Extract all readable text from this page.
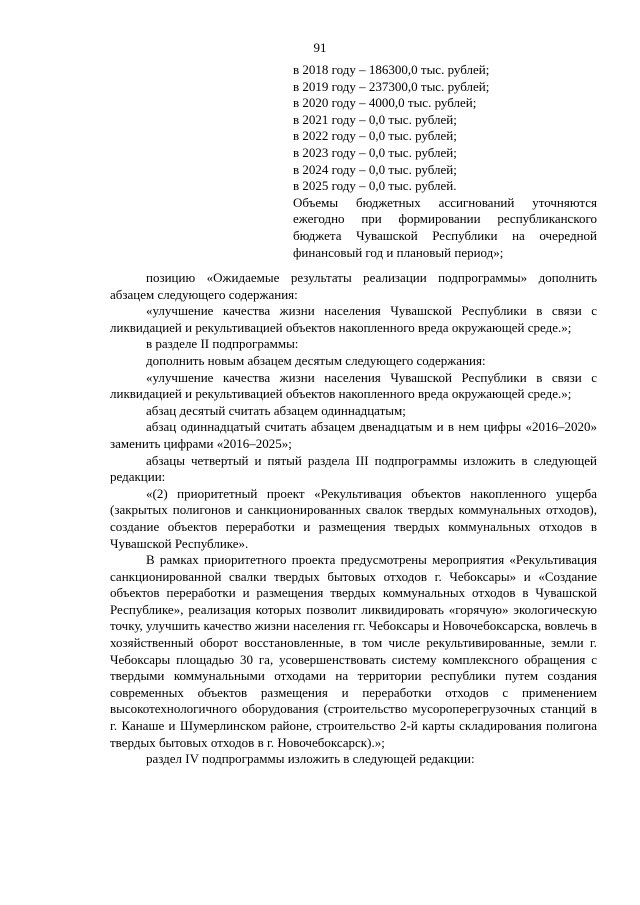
91

в 2018 году – 186300,0 тыс. рублей;

в 2019 году – 237300,0 тыс. рублей;

в 2020 году – 4000,0 тыс. рублей;

в 2021 году – 0,0 тыс. рублей;

в 2022 году – 0,0 тыс. рублей;

в 2023 году – 0,0 тыс. рублей;

в 2024 году – 0,0 тыс. рублей;

в 2025 году – 0,0 тыс. рублей.

Объемы бюджетных ассигнований уточняются ежегодно при формировании республиканского бюджета Чувашской Республики на очередной финансовый год и плановый период»;

позицию «Ожидаемые результаты реализации подпрограммы» дополнить абзацем следующего содержания:

«улучшение качества жизни населения Чувашской Республики в связи с ликвидацией и рекультивацией объектов накопленного вреда окружающей среде.»;

в разделе II подпрограммы:

дополнить новым абзацем десятым следующего содержания:

«улучшение качества жизни населения Чувашской Республики в связи с ликвидацией и рекультивацией объектов накопленного вреда окружающей среде.»;

абзац десятый считать абзацем одиннадцатым;

абзац одиннадцатый считать абзацем двенадцатым и в нем цифры «2016–2020» заменить цифрами «2016–2025»;

абзацы четвертый и пятый раздела III подпрограммы изложить в следующей редакции:

«(2) приоритетный проект «Рекультивация объектов накопленного ущерба (закрытых полигонов и санкционированных свалок твердых коммунальных отходов), создание объектов переработки и размещения твердых коммунальных отходов в Чувашской Республике».

В рамках приоритетного проекта предусмотрены мероприятия «Рекультивация санкционированной свалки твердых бытовых отходов г. Чебоксары» и «Создание объектов переработки и размещения твердых коммунальных отходов в Чувашской Республике», реализация которых позволит ликвидировать «горячую» экологическую точку, улучшить качество жизни населения гг. Чебоксары и Новочебоксарска, вовлечь в хозяйственный оборот восстановленные, в том числе рекультивированные, земли г. Чебоксары площадью 30 га, усовершенствовать систему комплексного обращения с твердыми коммунальными отходами на территории республики путем создания современных объектов размещения и переработки отходов с применением высокотехнологичного оборудования (строительство мусороперегрузочных станций в г. Канаше и Шумерлинском районе, строительство 2-й карты складирования полигона твердых бытовых отходов в г. Новочебоксарск).»;

раздел IV подпрограммы изложить в следующей редакции:
